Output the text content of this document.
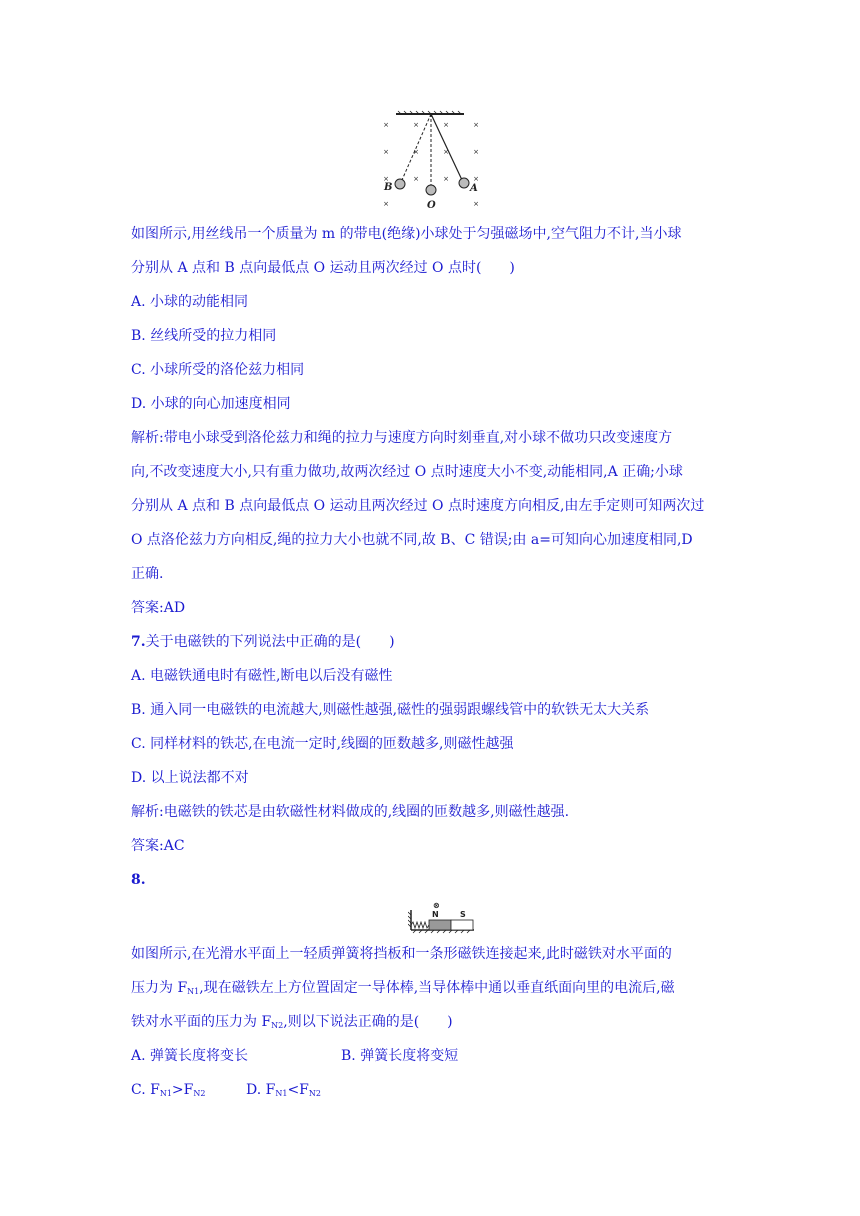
×	×	×	×
×	×	×	×
×	×	×	×
×	×
B
O
A
如图所示,用丝线吊一个质量为 m 的带电(绝缘)小球处于匀强磁场中,空气阻力不计,当小球
分别从 A 点和 B 点向最低点 O 运动且两次经过 O 点时(　　)
A. 小球的动能相同
B. 丝线所受的拉力相同
C. 小球所受的洛伦兹力相同
D. 小球的向心加速度相同
解析:带电小球受到洛伦兹力和绳的拉力与速度方向时刻垂直,对小球不做功只改变速度方
向,不改变速度大小,只有重力做功,故两次经过 O 点时速度大小不变,动能相同,A 正确;小球
分别从 A 点和 B 点向最低点 O 运动且两次经过 O 点时速度方向相反,由左手定则可知两次过
O 点洛伦兹力方向相反,绳的拉力大小也就不同,故 B、C 错误;由 a=可知向心加速度相同,D
正确.
答案:AD
7.关于电磁铁的下列说法中正确的是(　　)
A. 电磁铁通电时有磁性,断电以后没有磁性
B. 通入同一电磁铁的电流越大,则磁性越强,磁性的强弱跟螺线管中的软铁无太大关系
C. 同样材料的铁芯,在电流一定时,线圈的匝数越多,则磁性越强
D. 以上说法都不对
解析:电磁铁的铁芯是由软磁性材料做成的,线圈的匝数越多,则磁性越强.
答案:AC
8.
N	S
⊗
如图所示,在光滑水平面上一轻质弹簧将挡板和一条形磁铁连接起来,此时磁铁对水平面的
压力为 $F_{N1}$,现在磁铁左上方位置固定一导体棒,当导体棒中通以垂直纸面向里的电流后,磁
铁对水平面的压力为 $F_{N2}$,则以下说法正确的是(　　)
A. 弹簧长度将变长	B. 弹簧长度将变短
C. $F_{N1}>F_{N2}$	D. $F_{N1}<F_{N2}$
